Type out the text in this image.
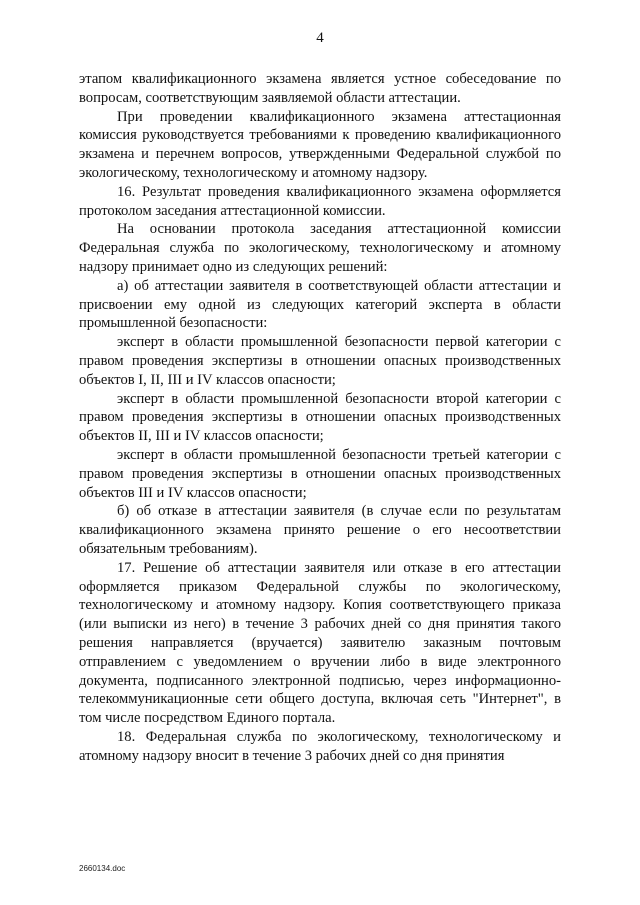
4

этапом квалификационного экзамена является устное собеседование по вопросам, соответствующим заявляемой области аттестации.

При проведении квалификационного экзамена аттестационная комиссия руководствуется требованиями к проведению квалификационного экзамена и перечнем вопросов, утвержденными Федеральной службой по экологическому, технологическому и атомному надзору.

16. Результат проведения квалификационного экзамена оформляется протоколом заседания аттестационной комиссии.

На основании протокола заседания аттестационной комиссии Федеральная служба по экологическому, технологическому и атомному надзору принимает одно из следующих решений:

а) об аттестации заявителя в соответствующей области аттестации и присвоении ему одной из следующих категорий эксперта в области промышленной безопасности:

эксперт в области промышленной безопасности первой категории с правом проведения экспертизы в отношении опасных производственных объектов I, II, III и IV классов опасности;

эксперт в области промышленной безопасности второй категории с правом проведения экспертизы в отношении опасных производственных объектов II, III и IV классов опасности;

эксперт в области промышленной безопасности третьей категории с правом проведения экспертизы в отношении опасных производственных объектов III и IV классов опасности;

б) об отказе в аттестации заявителя (в случае если по результатам квалификационного экзамена принято решение о его несоответствии обязательным требованиям).

17. Решение об аттестации заявителя или отказе в его аттестации оформляется приказом Федеральной службы по экологическому, технологическому и атомному надзору. Копия соответствующего приказа (или выписки из него) в течение 3 рабочих дней со дня принятия такого решения направляется (вручается) заявителю заказным почтовым отправлением с уведомлением о вручении либо в виде электронного документа, подписанного электронной подписью, через информационно-телекоммуникационные сети общего доступа, включая сеть "Интернет", в том числе посредством Единого портала.

18. Федеральная служба по экологическому, технологическому и атомному надзору вносит в течение 3 рабочих дней со дня принятия

2660134.doc
